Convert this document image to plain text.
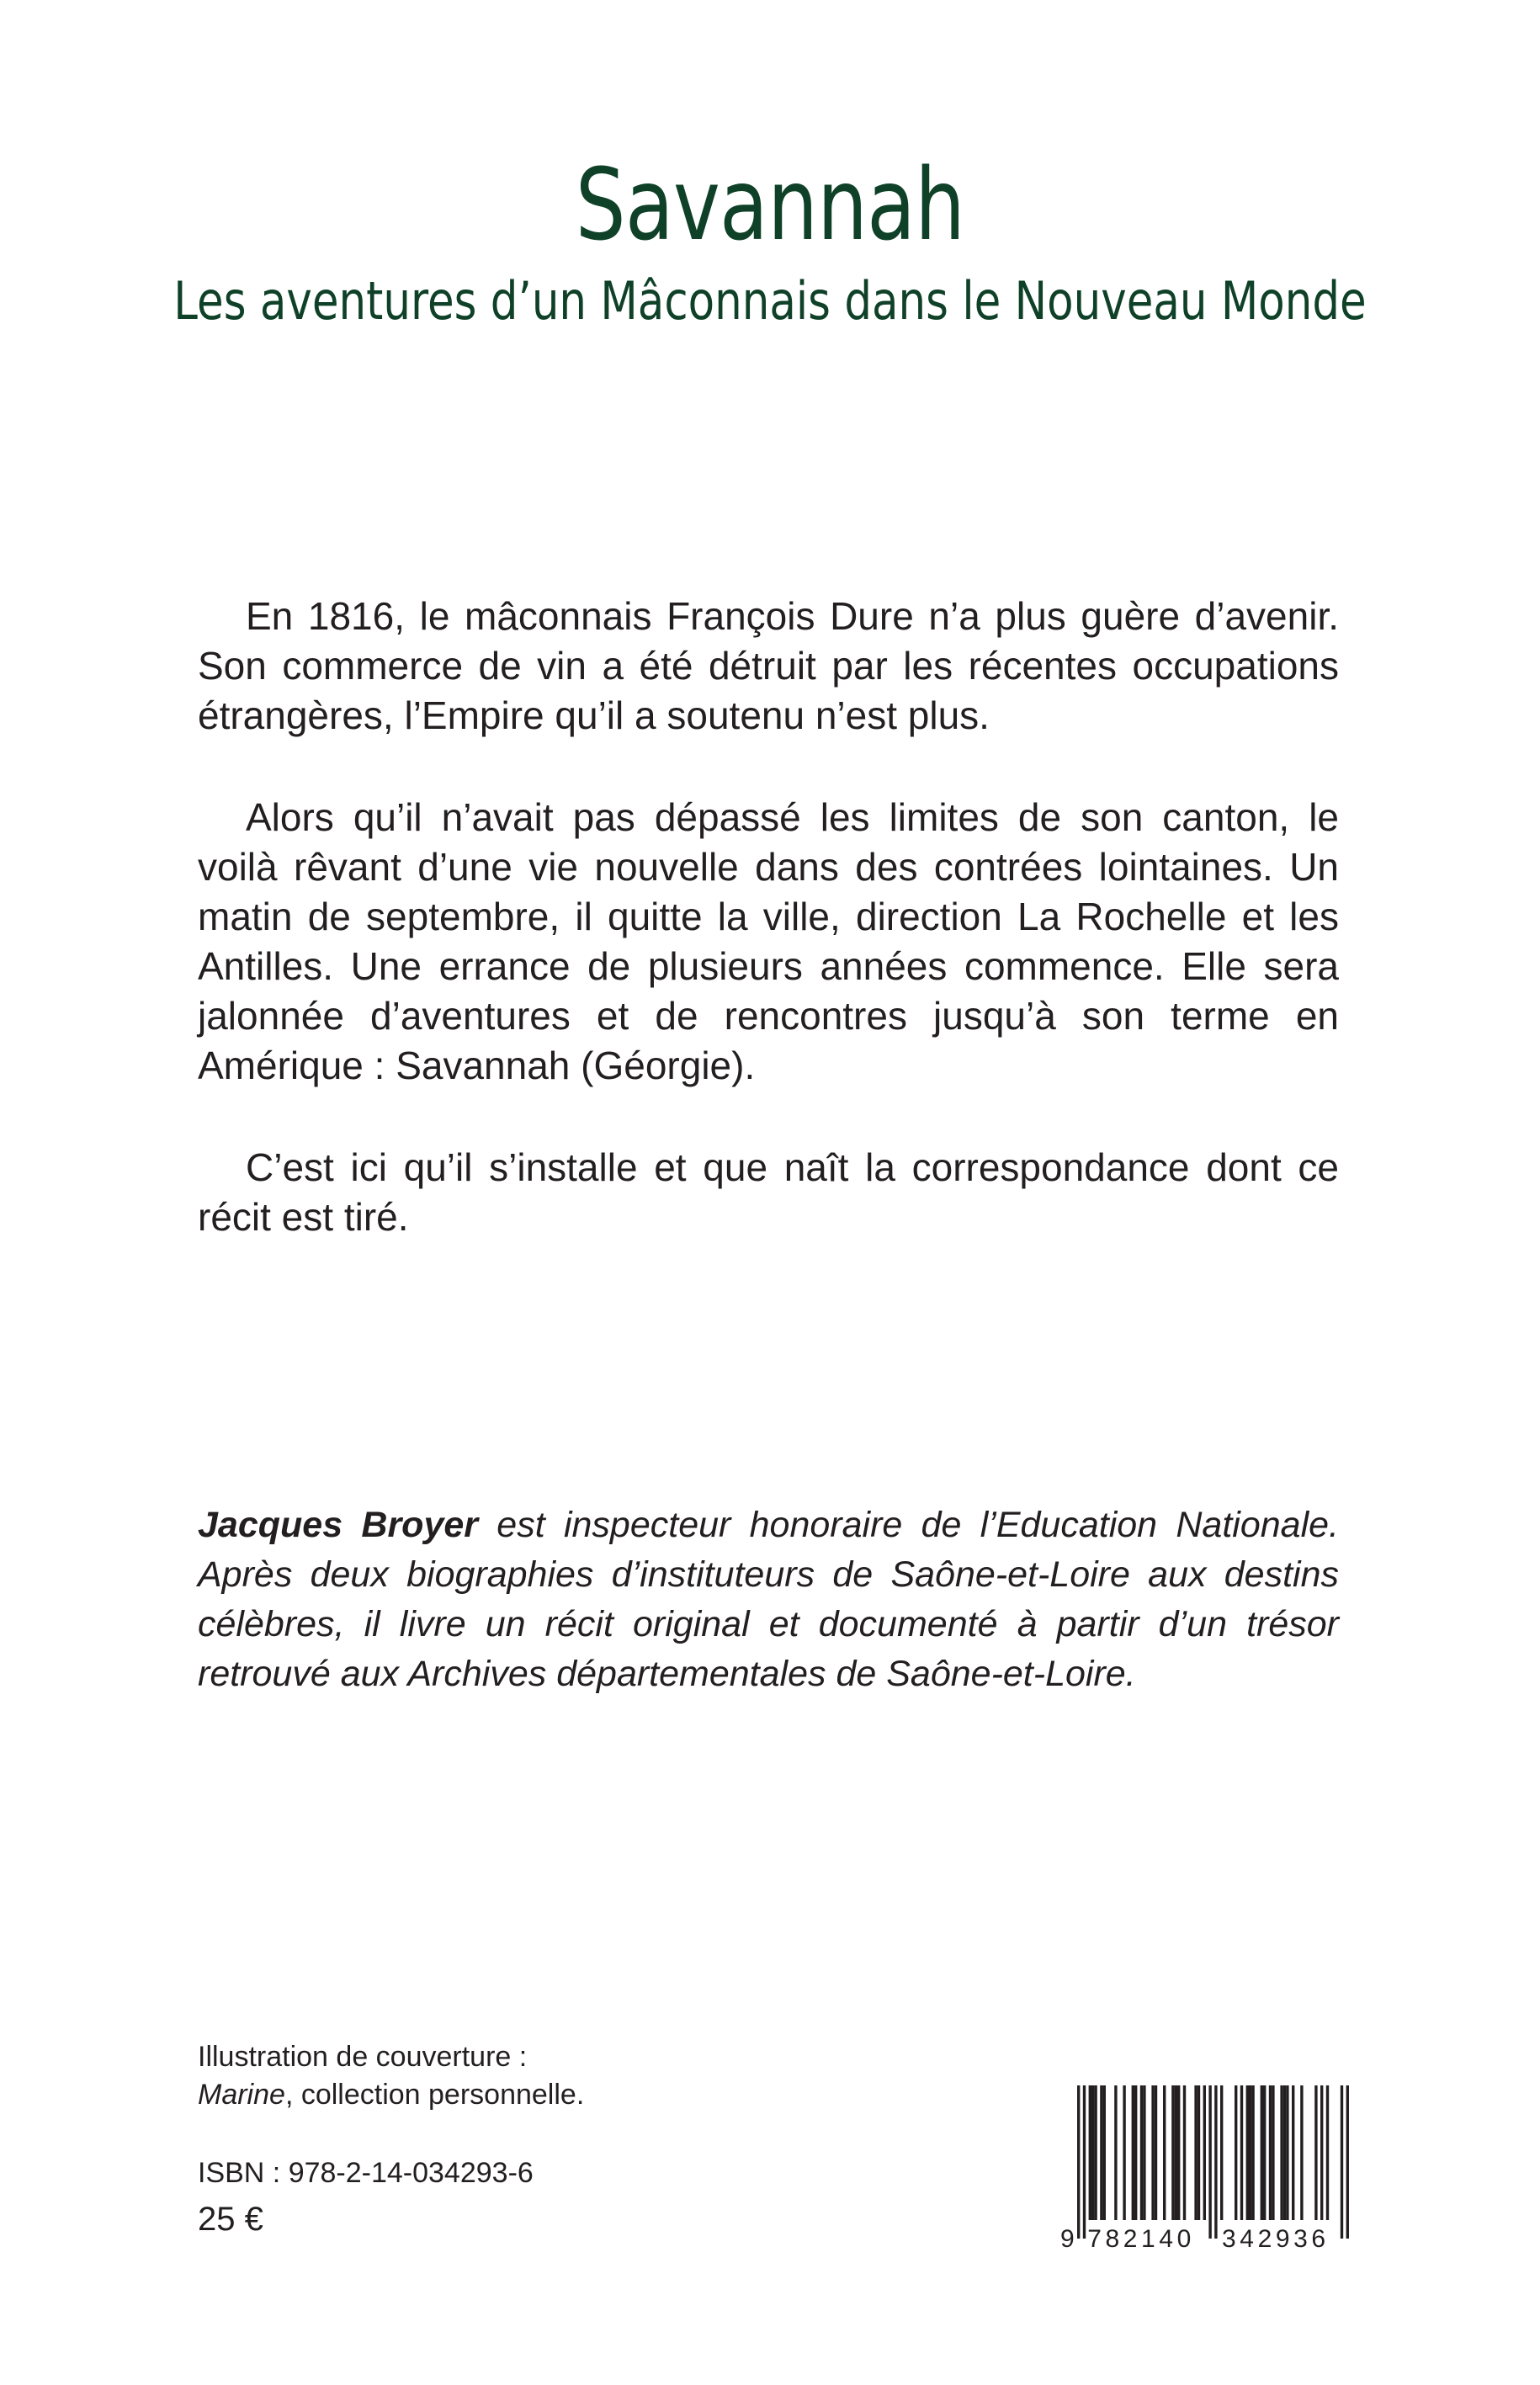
Savannah
Les aventures d’un Mâconnais dans le Nouveau Monde

En 1816, le mâconnais François Dure n’a plus guère d’avenir. Son commerce de vin a été détruit par les récentes occupations étrangères, l’Empire qu’il a soutenu n’est plus.

Alors qu’il n’avait pas dépassé les limites de son canton, le voilà rêvant d’une vie nouvelle dans des contrées lointaines. Un matin de septembre, il quitte la ville, direction La Rochelle et les Antilles. Une errance de plusieurs années commence. Elle sera jalonnée d’aventures et de rencontres jusqu’à son terme en Amérique : Savannah (Géorgie).

C’est ici qu’il s’installe et que naît la correspondance dont ce récit est tiré.

Jacques Broyer est inspecteur honoraire de l’Education Nationale. Après deux biographies d’instituteurs de Saône-et-Loire aux destins célèbres, il livre un récit original et documenté à partir d’un trésor retrouvé aux Archives départementales de Saône-et-Loire.
Illustration de couverture :
Marine, collection personnelle.
ISBN : 978-2-14-034293-6
25 €
9 782140 342936
